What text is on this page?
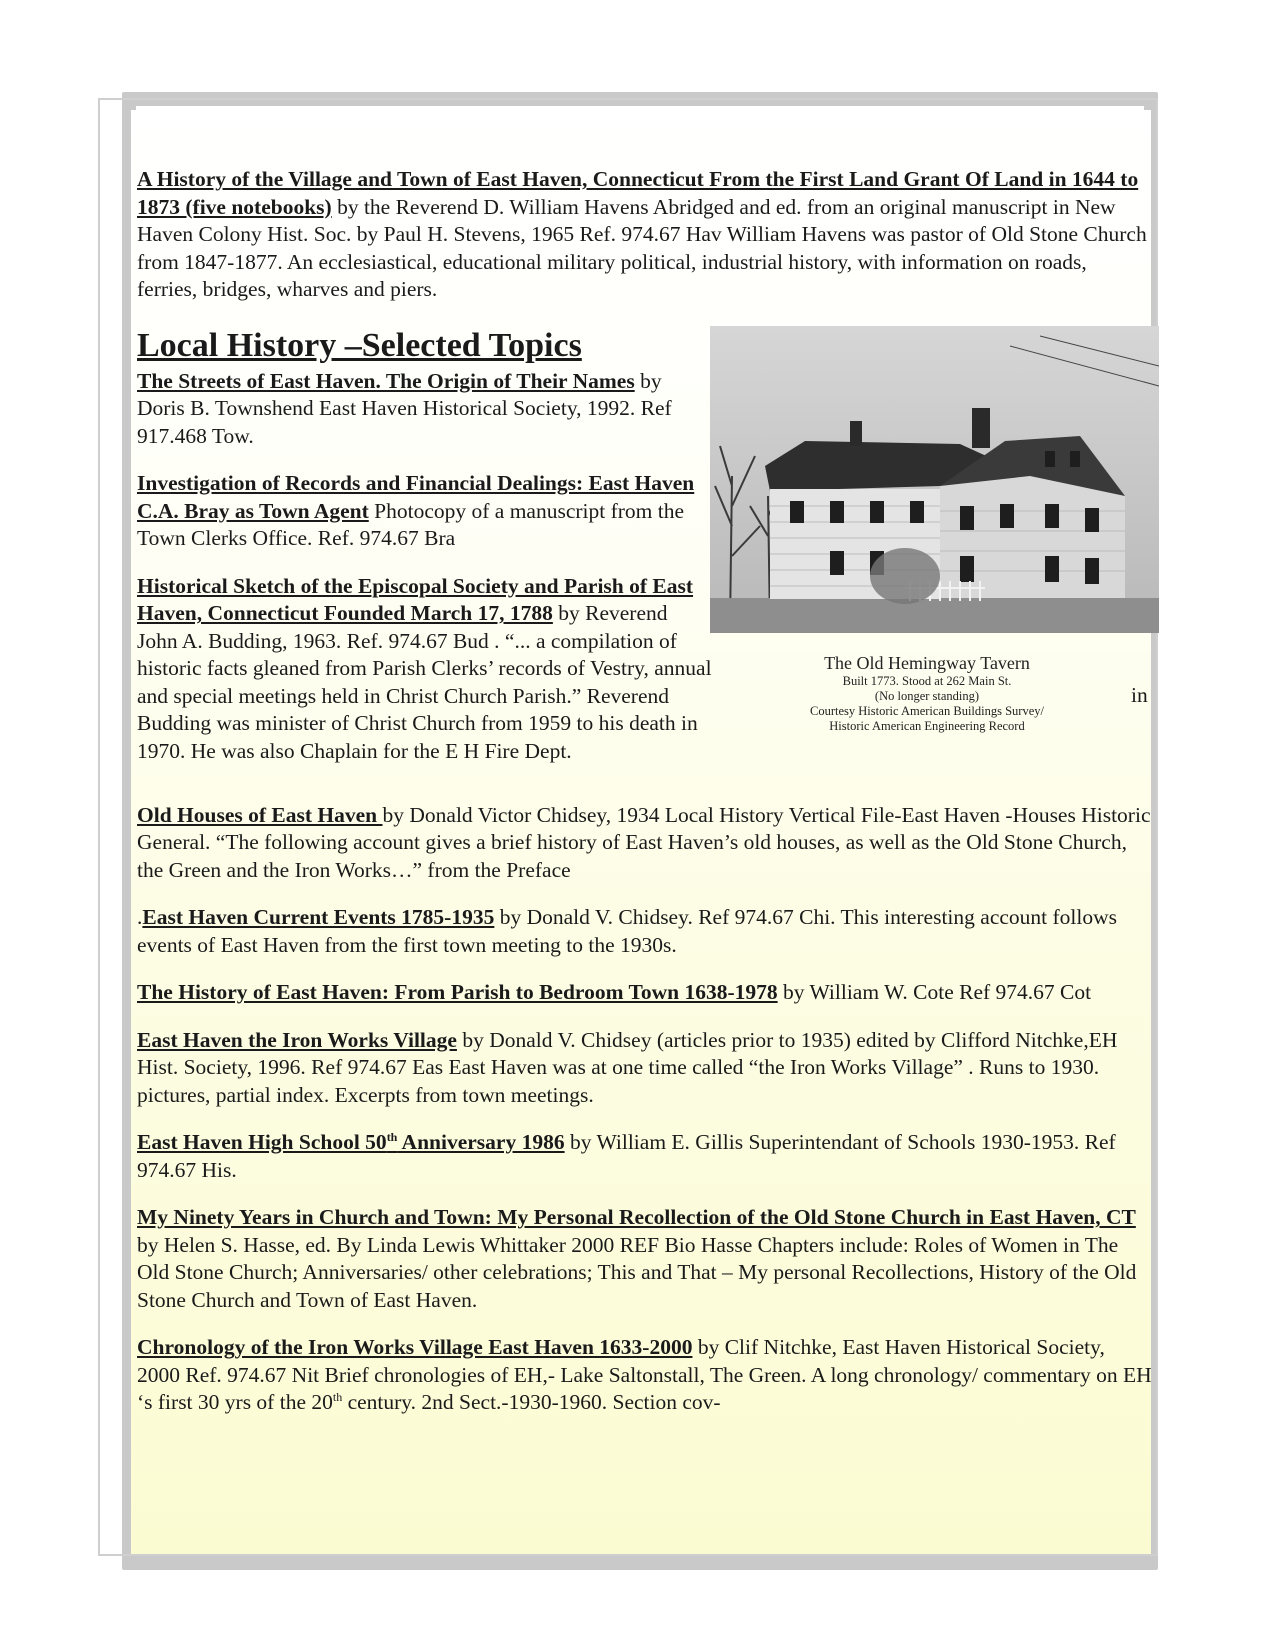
A History of the Village and Town of East Haven, Connecticut From the First Land Grant Of Land in 1644 to 1873 (five notebooks) by the Reverend D. William Havens Abridged and ed. from an original manuscript in New Haven Colony Hist. Soc. by Paul H. Stevens, 1965 Ref. 974.67 Hav William Havens was pastor of Old Stone Church from 1847-1877. An ecclesiastical, educational military political, industrial history, with information on roads, ferries, bridges, wharves and piers.

Local History –Selected Topics

The Streets of East Haven. The Origin of Their Names by Doris B. Townshend East Haven Historical Society, 1992. Ref 917.468 Tow.

Investigation of Records and Financial Dealings: East Haven C.A. Bray as Town Agent Photocopy of a manuscript from the Town Clerks Office. Ref. 974.67 Bra

Historical Sketch of the Episcopal Society and Parish of East Haven, Connecticut Founded March 17, 1788 by Reverend John A. Budding, 1963. Ref. 974.67 Bud . “... a compilation of historic facts gleaned from Parish Clerks’ records of Vestry, annual and special meetings held in Christ Church Parish.” Reverend Budding was minister of Christ Church from 1959 to his death in 1970. He was also Chaplain for the E H Fire Dept.

The Old Hemingway Tavern
Built 1773. Stood at 262 Main St.
(No longer standing)
Courtesy Historic American Buildings Survey/
Historic American Engineering Record
in

Old Houses of East Haven by Donald Victor Chidsey, 1934 Local History Vertical File-East Haven -Houses Historic General. “The following account gives a brief history of East Haven’s old houses, as well as the Old Stone Church, the Green and the Iron Works…” from the Preface

.East Haven Current Events 1785-1935 by Donald V. Chidsey. Ref 974.67 Chi. This interesting account follows events of East Haven from the first town meeting to the 1930s.

The History of East Haven: From Parish to Bedroom Town 1638-1978 by William W. Cote Ref 974.67 Cot

East Haven the Iron Works Village by Donald V. Chidsey (articles prior to 1935) edited by Clifford Nitchke,EH Hist. Society, 1996. Ref 974.67 Eas East Haven was at one time called “the Iron Works Village” . Runs to 1930. pictures, partial index. Excerpts from town meetings.

East Haven High School 50th Anniversary 1986 by William E. Gillis Superintendant of Schools 1930-1953. Ref 974.67 His.

My Ninety Years in Church and Town: My Personal Recollection of the Old Stone Church in East Haven, CT by Helen S. Hasse, ed. By Linda Lewis Whittaker 2000 REF Bio Hasse Chapters include: Roles of Women in The Old Stone Church; Anniversaries/ other celebrations; This and That – My personal Recollections, History of the Old Stone Church and Town of East Haven.

Chronology of the Iron Works Village East Haven 1633-2000 by Clif Nitchke, East Haven Historical Society, 2000 Ref. 974.67 Nit Brief chronologies of EH,- Lake Saltonstall, The Green. A long chronology/ commentary on EH ‘s first 30 yrs of the 20th century. 2nd Sect.-1930-1960. Section cov-
